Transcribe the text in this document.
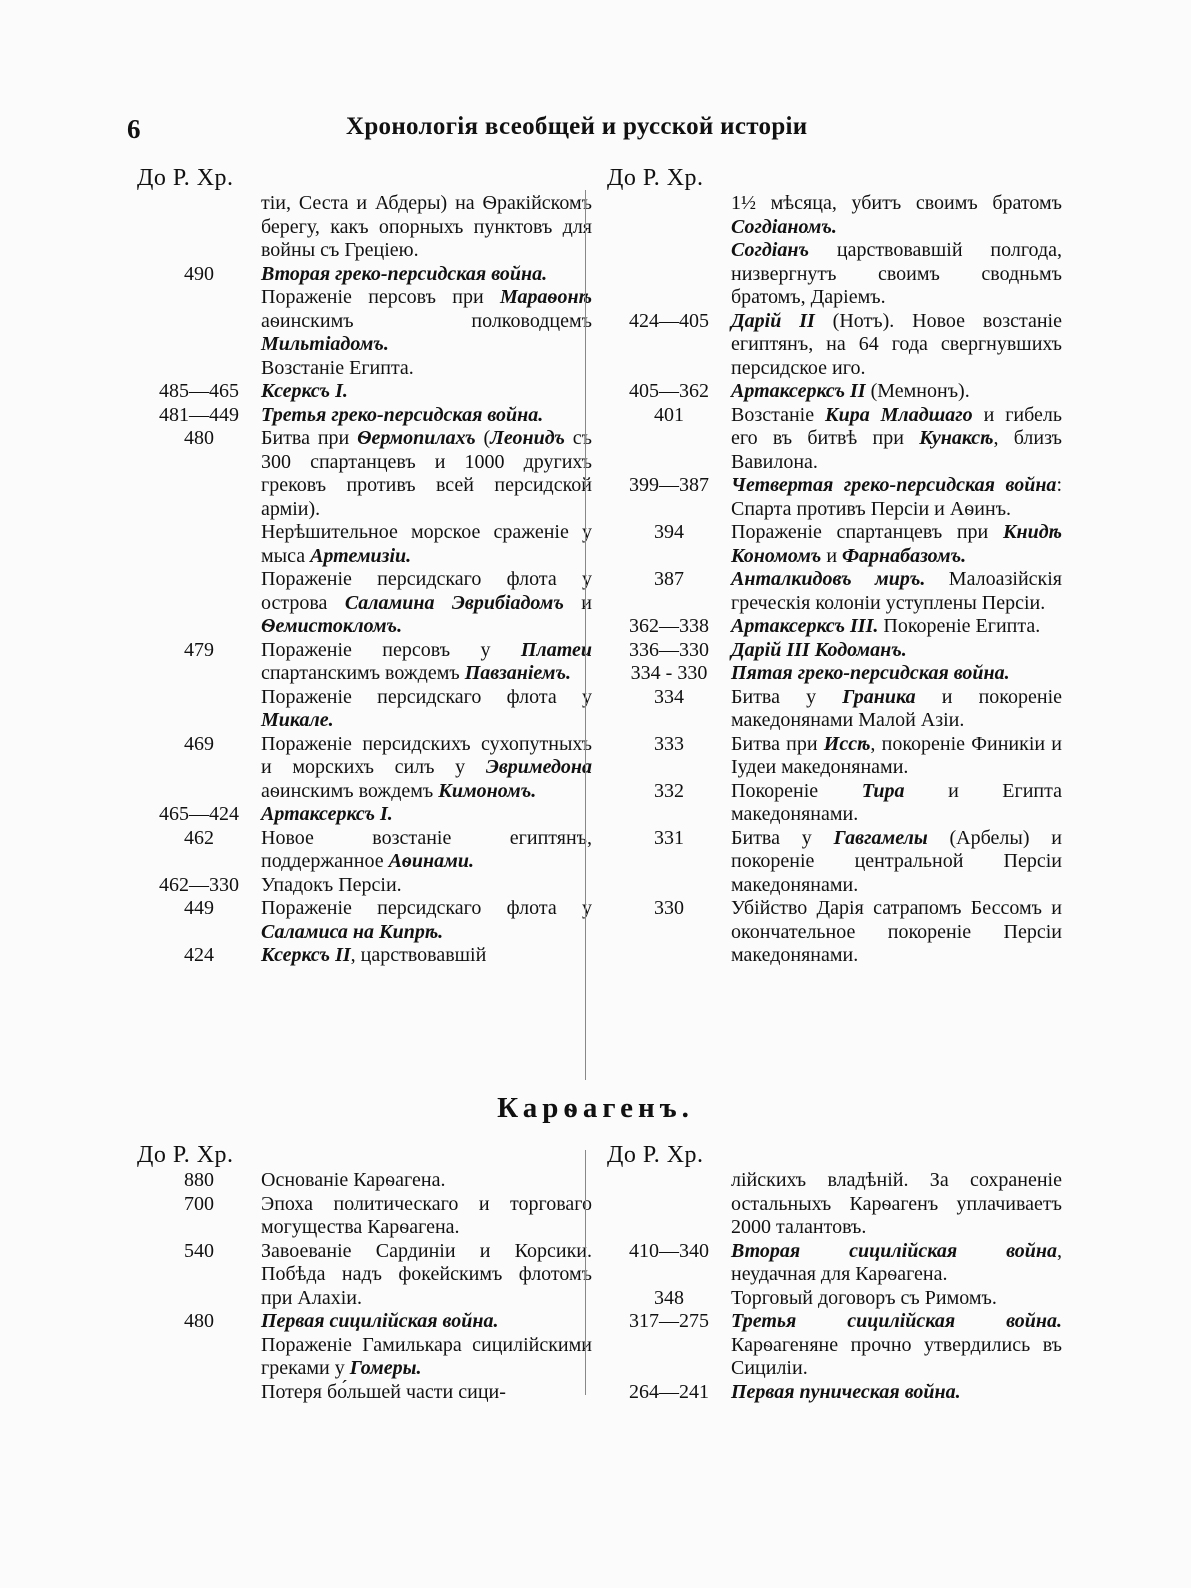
6	Хронологія всеобщей и русской исторіи
До Р. Хр.
тіи, Сеста и Абдеры) на Ѳракійскомъ берегу, какъ опорныхъ пунктовъ для войны съ Греціею.
490	Вторая греко-персидская война.
Пораженіе персовъ при Мараѳонѣ аѳинскимъ полководцемъ Мильтіадомъ.
Возстаніе Египта.
485—465	Ксерксъ I.
481—449	Третья греко-персидская война.
480	Битва при Ѳермопилахъ (Леонидъ съ 300 спартанцевъ и 1000 другихъ грековъ противъ всей персидской арміи).
Нерѣшительное морское сраженіе у мыса Артемизіи.
Пораженіе персидскаго флота у острова Саламина Эврибіадомъ и Ѳемистокломъ.
479	Пораженіе персовъ у Платеи спартанскимъ вождемъ Павзаніемъ.
Пораженіе персидскаго флота у Микале.
469	Пораженіе персидскихъ сухопутныхъ и морскихъ силъ у Эвримедона аѳинскимъ вождемъ Кимономъ.
465—424	Артаксерксъ I.
462	Новое возстаніе египтянъ, поддержанное Аѳинами.
462—330	Упадокъ Персіи.
449	Пораженіе персидскаго флота у Саламиса на Кипрѣ.
424	Ксерксъ II, царствовавшій
До Р. Хр.
1½ мѣсяца, убитъ своимъ братомъ Согдіаномъ.
Согдіанъ царствовавшій полгода, низвергнутъ своимъ сводньмъ братомъ, Даріемъ.
424—405	Дарій II (Нотъ). Новое возстаніе египтянъ, на 64 года свергнувшихъ персидское иго.
405—362	Артаксерксъ II (Мемнонъ).
401	Возстаніе Кира Младшаго и гибель его въ битвѣ при Кунаксѣ, близъ Вавилона.
399—387	Четвертая греко-персидская война: Спарта противъ Персіи и Аѳинъ.
394	Пораженіе спартанцевъ при Книдѣ Кономомъ и Фарнабазомъ.
387	Анталкидовъ миръ. Малоазійскія греческія колоніи уступлены Персіи.
362—338	Артаксерксъ III. Покореніе Египта.
336—330	Дарій III Кодоманъ.
334 - 330	Пятая греко-персидская война.
334	Битва у Граника и покореніе македонянами Малой Азіи.
333	Битва при Иссѣ, покореніе Финикіи и Іудеи македонянами.
332	Покореніе Тира и Египта македонянами.
331	Битва у Гавгамелы (Арбелы) и покореніе центральной Персіи македонянами.
330	Убійство Дарія сатрапомъ Бессомъ и окончательное покореніе Персіи македонянами.
Карѳагенъ.
До Р. Хр.
880	Основаніе Карѳагена.
700	Эпоха политическаго и торговаго могущества Карѳагена.
540	Завоеваніе Сардиніи и Корсики. Побѣда надъ фокейскимъ флотомъ при Алахіи.
480	Первая сицилійская война.
Пораженіе Гамилькара сицилійскими греками у Гомеры.
Потеря бо́льшей части сици-
До Р. Хр.
лійскихъ владѣній. За сохраненіе остальныхъ Карѳагенъ уплачиваетъ 2000 талантовъ.
410—340	Вторая сицилійская война, неудачная для Карѳагена.
348	Торговый договоръ съ Римомъ.
317—275	Третья сицилійская война. Карѳагеняне прочно утвердились въ Сициліи.
264—241	Первая пуническая война.
